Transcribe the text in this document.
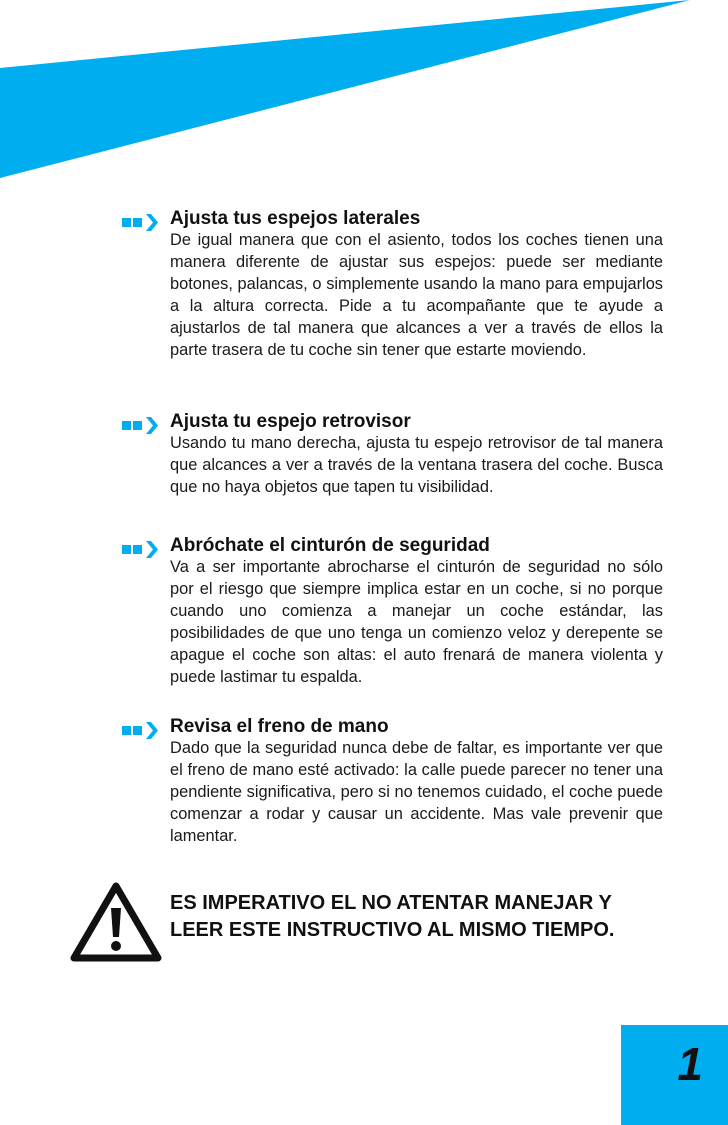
Ajusta tus espejos laterales

De igual manera que con el asiento, todos los coches tienen una manera diferente de ajustar sus espejos: puede ser mediante botones, palancas, o simplemente usando la mano para empujarlos a la altura correcta. Pide a tu acompañante que te ayude a ajustarlos de tal manera que alcances a ver a través de ellos la parte trasera de tu coche sin tener que estarte moviendo.

Ajusta tu espejo retrovisor

Usando tu mano derecha, ajusta tu espejo retrovisor de tal manera que alcances a ver a través de la ventana trasera del coche. Busca que no haya objetos que tapen tu visibilidad.

Abróchate el cinturón de seguridad

Va a ser importante abrocharse el cinturón de seguridad no sólo por el riesgo que siempre implica estar en un coche, si no porque cuando uno comienza a manejar un coche estándar, las posibilidades de que uno tenga un comienzo veloz y derepente se apague el coche son altas: el auto frenará de manera violenta y puede lastimar tu espalda.

Revisa el freno de mano

Dado que la seguridad nunca debe de faltar, es importante ver que el freno de mano esté activado: la calle puede parecer no tener una pendiente significativa, pero si no tenemos cuidado, el coche puede comenzar a rodar y causar un accidente. Mas vale prevenir que lamentar.

ES IMPERATIVO EL NO ATENTAR MANEJAR Y
LEER ESTE INSTRUCTIVO AL MISMO TIEMPO.

1
